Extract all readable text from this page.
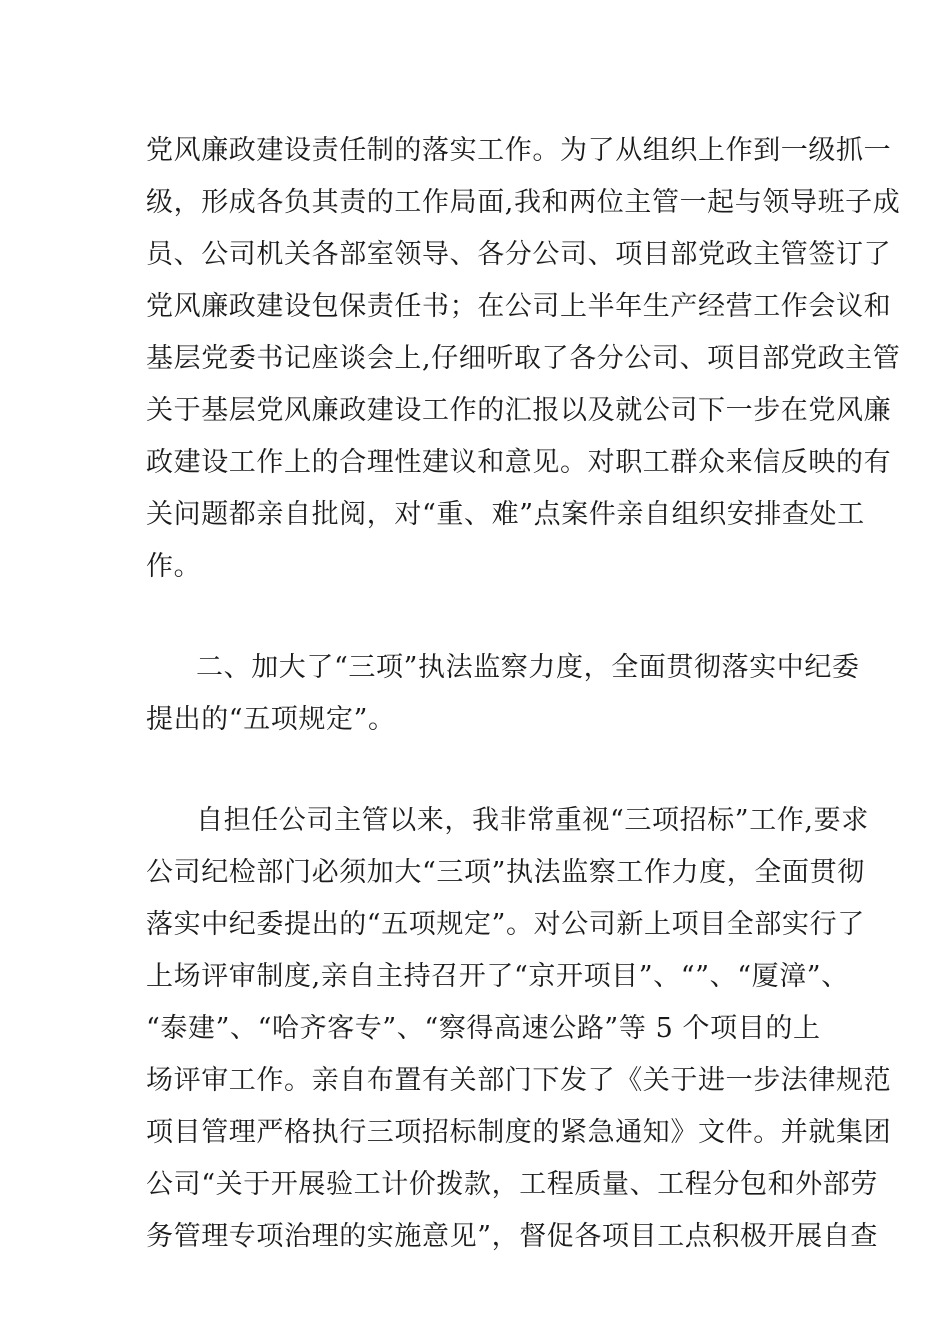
党风廉政建设责任制的落实工作。为了从组织上作到一级抓一
级，形成各负其责的工作局面,我和两位主管一起与领导班子成
员、公司机关各部室领导、各分公司、项目部党政主管签订了
党风廉政建设包保责任书；在公司上半年生产经营工作会议和
基层党委书记座谈会上,仔细听取了各分公司、项目部党政主管
关于基层党风廉政建设工作的汇报以及就公司下一步在党风廉
政建设工作上的合理性建议和意见。对职工群众来信反映的有
关问题都亲自批阅，对“重、难”点案件亲自组织安排查处工
作。
二、加大了“三项”执法监察力度，全面贯彻落实中纪委
提出的“五项规定”。
自担任公司主管以来，我非常重视“三项招标”工作,要求
公司纪检部门必须加大“三项”执法监察工作力度，全面贯彻
落实中纪委提出的“五项规定”。对公司新上项目全部实行了
上场评审制度,亲自主持召开了“京开项目”、“”、“厦漳”、
“泰建”、“哈齐客专”、“察得高速公路”等 5 个项目的上
场评审工作。亲自布置有关部门下发了《关于进一步法律规范
项目管理严格执行三项招标制度的紧急通知》文件。并就集团
公司“关于开展验工计价拨款，工程质量、工程分包和外部劳
务管理专项治理的实施意见”，督促各项目工点积极开展自查
